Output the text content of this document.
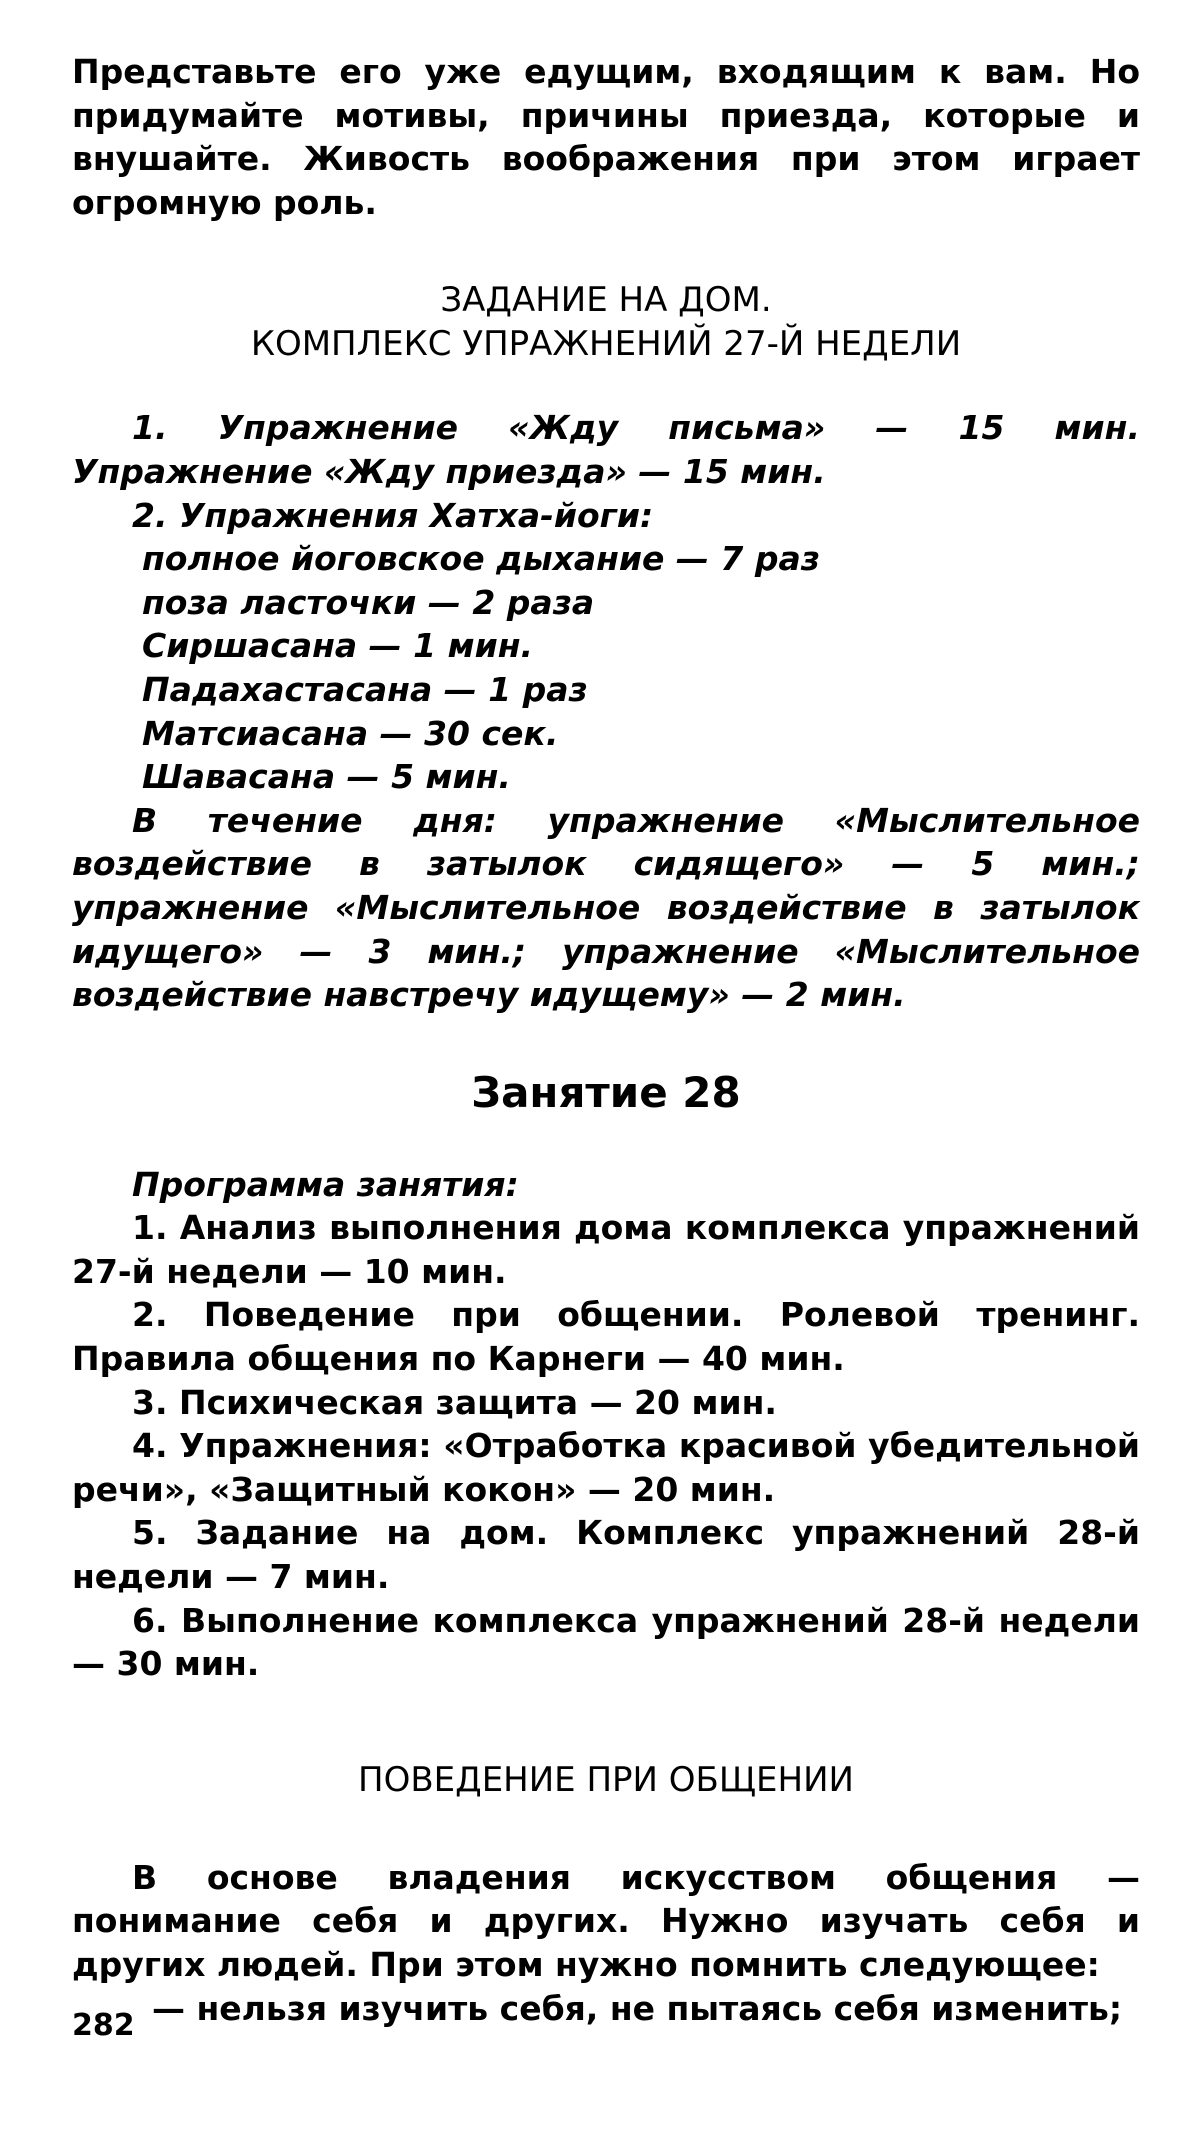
Представьте его уже едущим, входящим к вам. Но придумайте мотивы, причины приезда, которые и внушайте. Живость воображения при этом играет огромную роль.

ЗАДАНИЕ НА ДОМ.

КОМПЛЕКС УПРАЖНЕНИЙ 27-Й НЕДЕЛИ

1. Упражнение «Жду письма» — 15 мин. Упражнение «Жду приезда» — 15 мин.

2. Упражнения Хатха-йоги:

полное йоговское дыхание — 7 раз

поза ласточки — 2 раза

Сиршасана — 1 мин.

Падахастасана — 1 раз

Матсиасана — 30 сек.

Шавасана — 5 мин.

В течение дня: упражнение «Мыслительное воздействие в затылок сидящего» — 5 мин.; упражнение «Мыслительное воздействие в затылок идущего» — 3 мин.; упражнение «Мыслительное воздействие навстречу идущему» — 2 мин.

Занятие 28

Программа занятия:

1. Анализ выполнения дома комплекса упражнений 27-й недели — 10 мин.

2. Поведение при общении. Ролевой тренинг. Правила общения по Карнеги — 40 мин.

3. Психическая защита — 20 мин.

4. Упражнения: «Отработка красивой убедительной речи», «Защитный кокон» — 20 мин.

5. Задание на дом. Комплекс упражнений 28-й недели — 7 мин.

6. Выполнение комплекса упражнений 28-й недели — 30 мин.

ПОВЕДЕНИЕ ПРИ ОБЩЕНИИ

В основе владения искусством общения — понимание себя и других. Нужно изучать себя и других людей. При этом нужно помнить следующее:

— нельзя изучить себя, не пытаясь себя изменить;

282
